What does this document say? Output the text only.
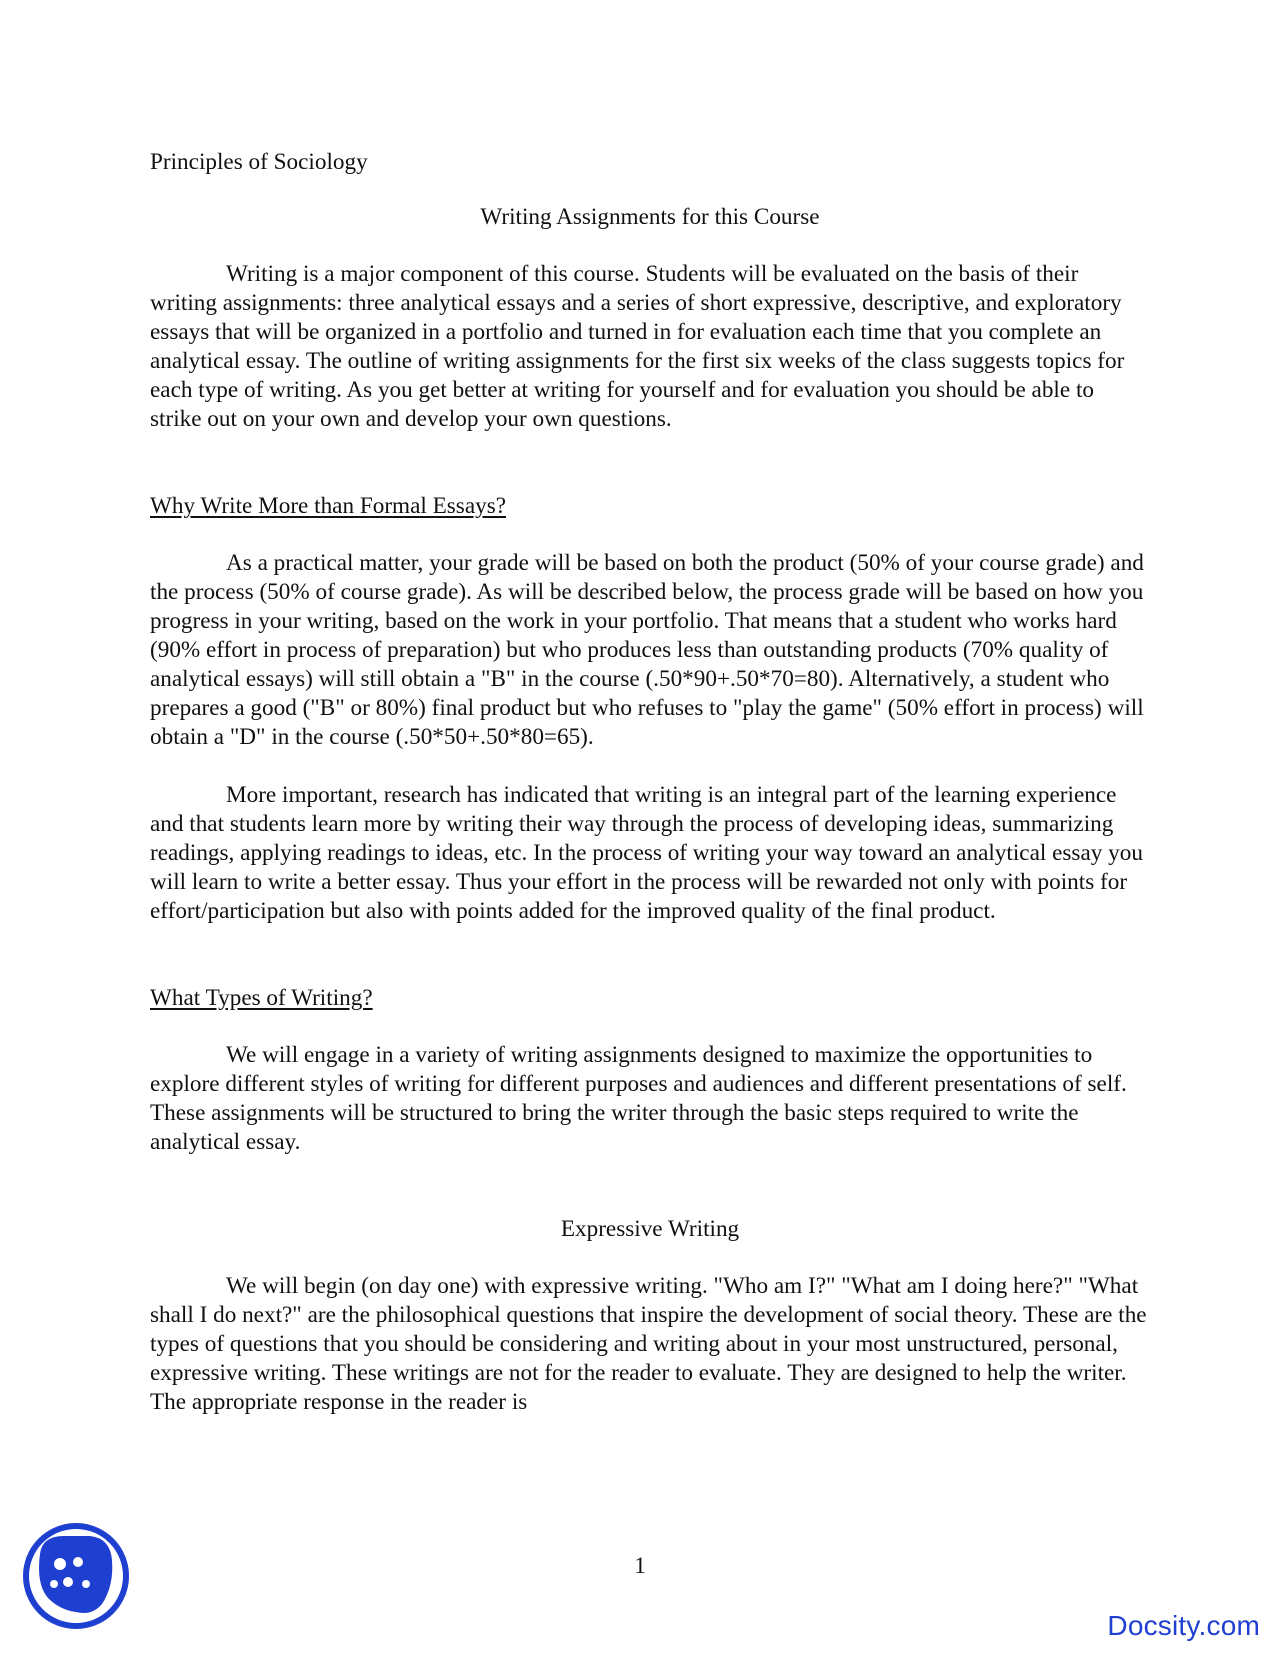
Principles of Sociology

Writing Assignments for this Course

Writing is a major component of this course. Students will be evaluated on the basis of their writing assignments: three analytical essays and a series of short expressive, descriptive, and exploratory essays that will be organized in a portfolio and turned in for evaluation each time that you complete an analytical essay. The outline of writing assignments for the first six weeks of the class suggests topics for each type of writing. As you get better at writing for yourself and for evaluation you should be able to strike out on your own and develop your own questions.

Why Write More than Formal Essays?

As a practical matter, your grade will be based on both the product (50% of your course grade) and the process (50% of course grade). As will be described below, the process grade will be based on how you progress in your writing, based on the work in your portfolio. That means that a student who works hard (90% effort in process of preparation) but who produces less than outstanding products (70% quality of analytical essays) will still obtain a "B" in the course (.50*90+.50*70=80). Alternatively, a student who prepares a good ("B" or 80%) final product but who refuses to "play the game" (50% effort in process) will obtain a "D" in the course (.50*50+.50*80=65).

More important, research has indicated that writing is an integral part of the learning experience and that students learn more by writing their way through the process of developing ideas, summarizing readings, applying readings to ideas, etc. In the process of writing your way toward an analytical essay you will learn to write a better essay. Thus your effort in the process will be rewarded not only with points for effort/participation but also with points added for the improved quality of the final product.

What Types of Writing?

We will engage in a variety of writing assignments designed to maximize the opportunities to explore different styles of writing for different purposes and audiences and different presentations of self. These assignments will be structured to bring the writer through the basic steps required to write the analytical essay.

Expressive Writing

We will begin (on day one) with expressive writing. "Who am I?" "What am I doing here?" "What shall I do next?" are the philosophical questions that inspire the development of social theory. These are the types of questions that you should be considering and writing about in your most unstructured, personal, expressive writing. These writings are not for the reader to evaluate. They are designed to help the writer. The appropriate response in the reader is

1
Docsity.com
